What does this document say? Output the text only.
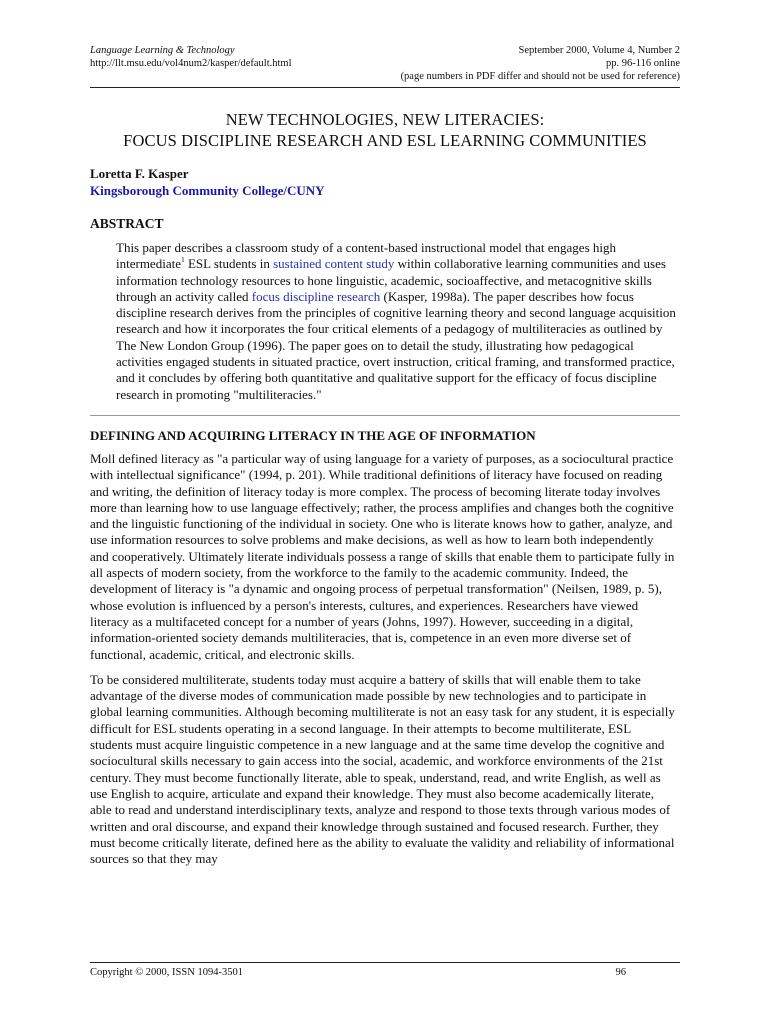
Language Learning & Technology
http://llt.msu.edu/vol4num2/kasper/default.html
September 2000, Volume 4, Number 2
pp. 96-116 online
(page numbers in PDF differ and should not be used for reference)
NEW TECHNOLOGIES, NEW LITERACIES:
FOCUS DISCIPLINE RESEARCH AND ESL LEARNING COMMUNITIES
Loretta F. Kasper
Kingsborough Community College/CUNY
ABSTRACT
This paper describes a classroom study of a content-based instructional model that engages high intermediate$^1$ ESL students in sustained content study within collaborative learning communities and uses information technology resources to hone linguistic, academic, socioaffective, and metacognitive skills through an activity called focus discipline research (Kasper, 1998a). The paper describes how focus discipline research derives from the principles of cognitive learning theory and second language acquisition research and how it incorporates the four critical elements of a pedagogy of multiliteracies as outlined by The New London Group (1996). The paper goes on to detail the study, illustrating how pedagogical activities engaged students in situated practice, overt instruction, critical framing, and transformed practice, and it concludes by offering both quantitative and qualitative support for the efficacy of focus discipline research in promoting "multiliteracies."
DEFINING AND ACQUIRING LITERACY IN THE AGE OF INFORMATION
Moll defined literacy as "a particular way of using language for a variety of purposes, as a sociocultural practice with intellectual significance" (1994, p. 201). While traditional definitions of literacy have focused on reading and writing, the definition of literacy today is more complex. The process of becoming literate today involves more than learning how to use language effectively; rather, the process amplifies and changes both the cognitive and the linguistic functioning of the individual in society. One who is literate knows how to gather, analyze, and use information resources to solve problems and make decisions, as well as how to learn both independently and cooperatively. Ultimately literate individuals possess a range of skills that enable them to participate fully in all aspects of modern society, from the workforce to the family to the academic community. Indeed, the development of literacy is "a dynamic and ongoing process of perpetual transformation" (Neilsen, 1989, p. 5), whose evolution is influenced by a person's interests, cultures, and experiences. Researchers have viewed literacy as a multifaceted concept for a number of years (Johns, 1997). However, succeeding in a digital, information-oriented society demands multiliteracies, that is, competence in an even more diverse set of functional, academic, critical, and electronic skills.
To be considered multiliterate, students today must acquire a battery of skills that will enable them to take advantage of the diverse modes of communication made possible by new technologies and to participate in global learning communities. Although becoming multiliterate is not an easy task for any student, it is especially difficult for ESL students operating in a second language. In their attempts to become multiliterate, ESL students must acquire linguistic competence in a new language and at the same time develop the cognitive and sociocultural skills necessary to gain access into the social, academic, and workforce environments of the 21st century. They must become functionally literate, able to speak, understand, read, and write English, as well as use English to acquire, articulate and expand their knowledge. They must also become academically literate, able to read and understand interdisciplinary texts, analyze and respond to those texts through various modes of written and oral discourse, and expand their knowledge through sustained and focused research. Further, they must become critically literate, defined here as the ability to evaluate the validity and reliability of informational sources so that they may
Copyright © 2000, ISSN 1094-3501	96
